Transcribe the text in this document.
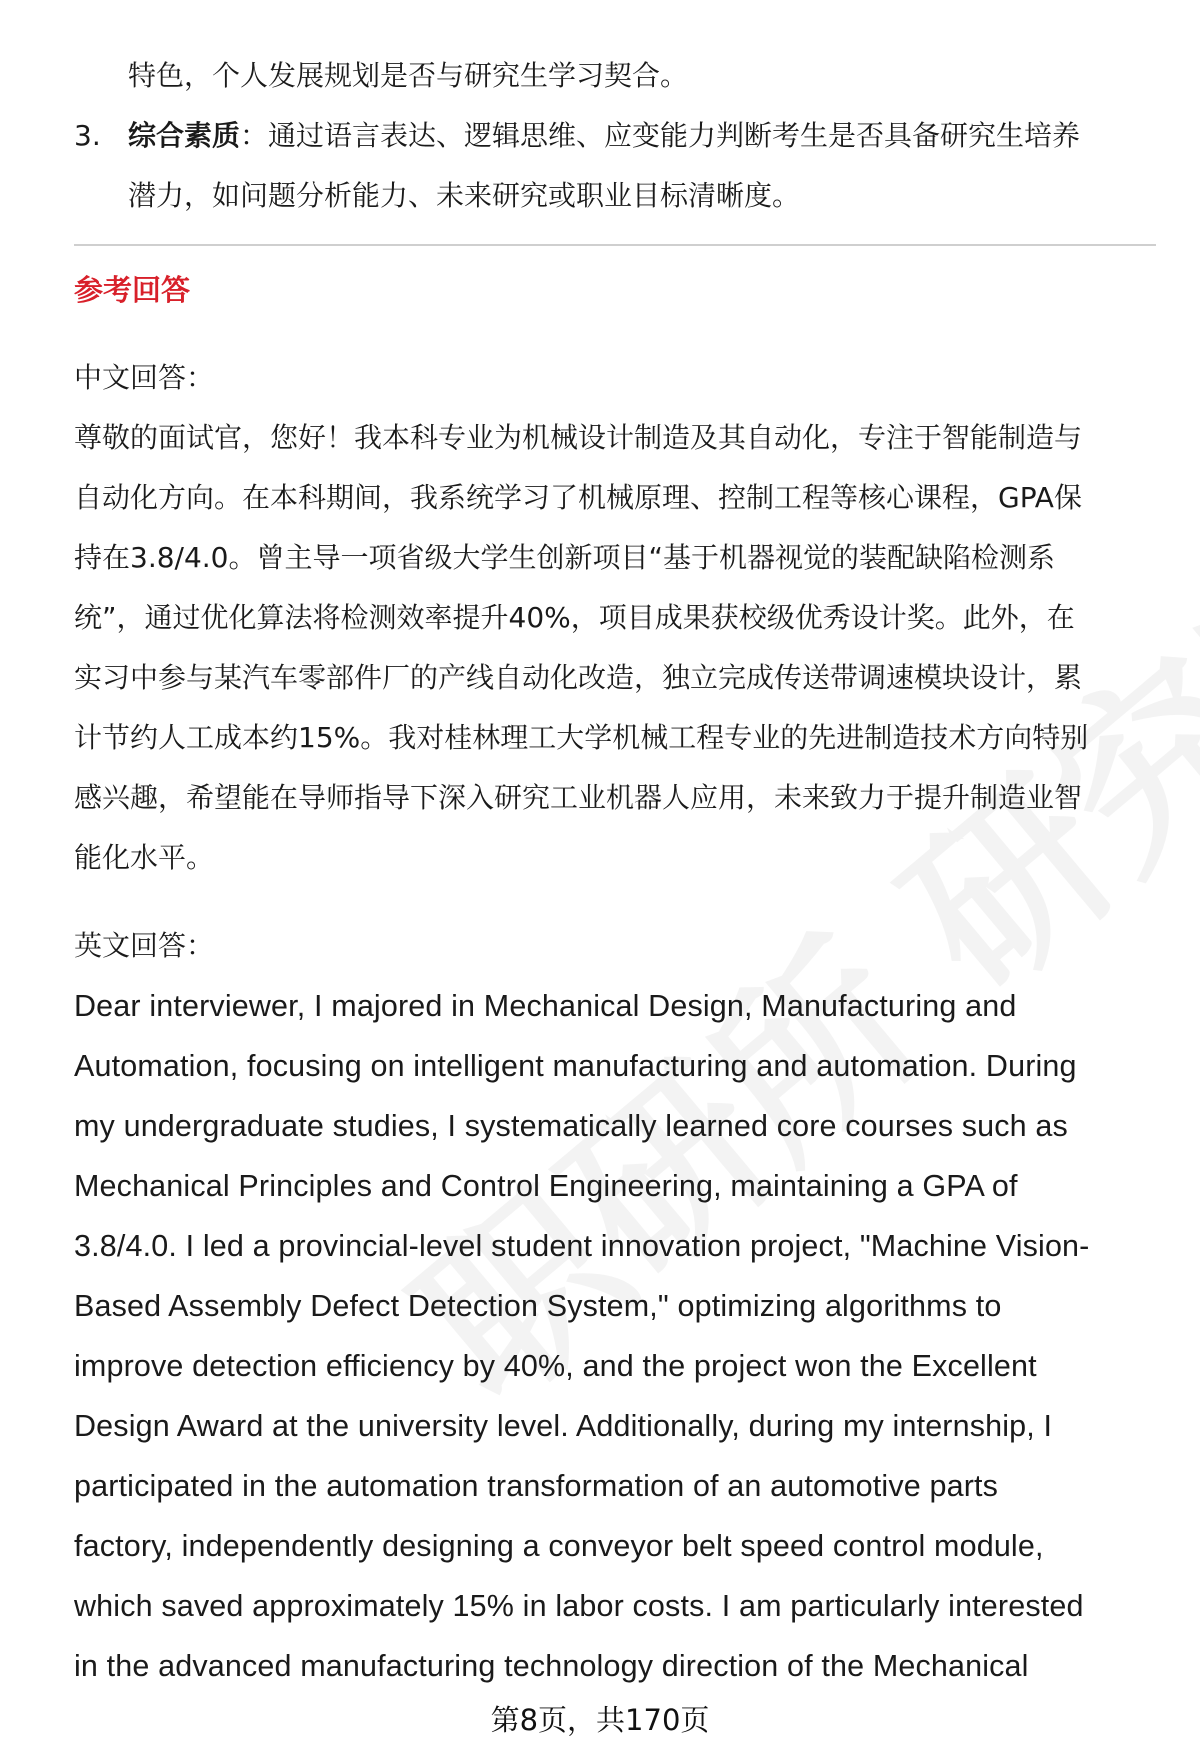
特色，个人发展规划是否与研究生学习契合。
3. 综合素质：通过语言表达、逻辑思维、应变能力判断考生是否具备研究生培养
潜力，如问题分析能力、未来研究或职业目标清晰度。
参考回答
中文回答：
尊敬的面试官，您好！我本科专业为机械设计制造及其自动化，专注于智能制造与
自动化方向。在本科期间，我系统学习了机械原理、控制工程等核心课程，GPA保
持在3.8/4.0。曾主导一项省级大学生创新项目“基于机器视觉的装配缺陷检测系
统”，通过优化算法将检测效率提升40%，项目成果获校级优秀设计奖。此外，在
实习中参与某汽车零部件厂的产线自动化改造，独立完成传送带调速模块设计，累
计节约人工成本约15%。我对桂林理工大学机械工程专业的先进制造技术方向特别
感兴趣，希望能在导师指导下深入研究工业机器人应用，未来致力于提升制造业智
能化水平。
英文回答：
Dear interviewer, I majored in Mechanical Design, Manufacturing and
Automation, focusing on intelligent manufacturing and automation. During
my undergraduate studies, I systematically learned core courses such as
Mechanical Principles and Control Engineering, maintaining a GPA of
3.8/4.0. I led a provincial-level student innovation project, "Machine Vision-
Based Assembly Defect Detection System," optimizing algorithms to
improve detection efficiency by 40%, and the project won the Excellent
Design Award at the university level. Additionally, during my internship, I
participated in the automation transformation of an automotive parts
factory, independently designing a conveyor belt speed control module,
which saved approximately 15% in labor costs. I am particularly interested
in the advanced manufacturing technology direction of the Mechanical
第8页，共170页
